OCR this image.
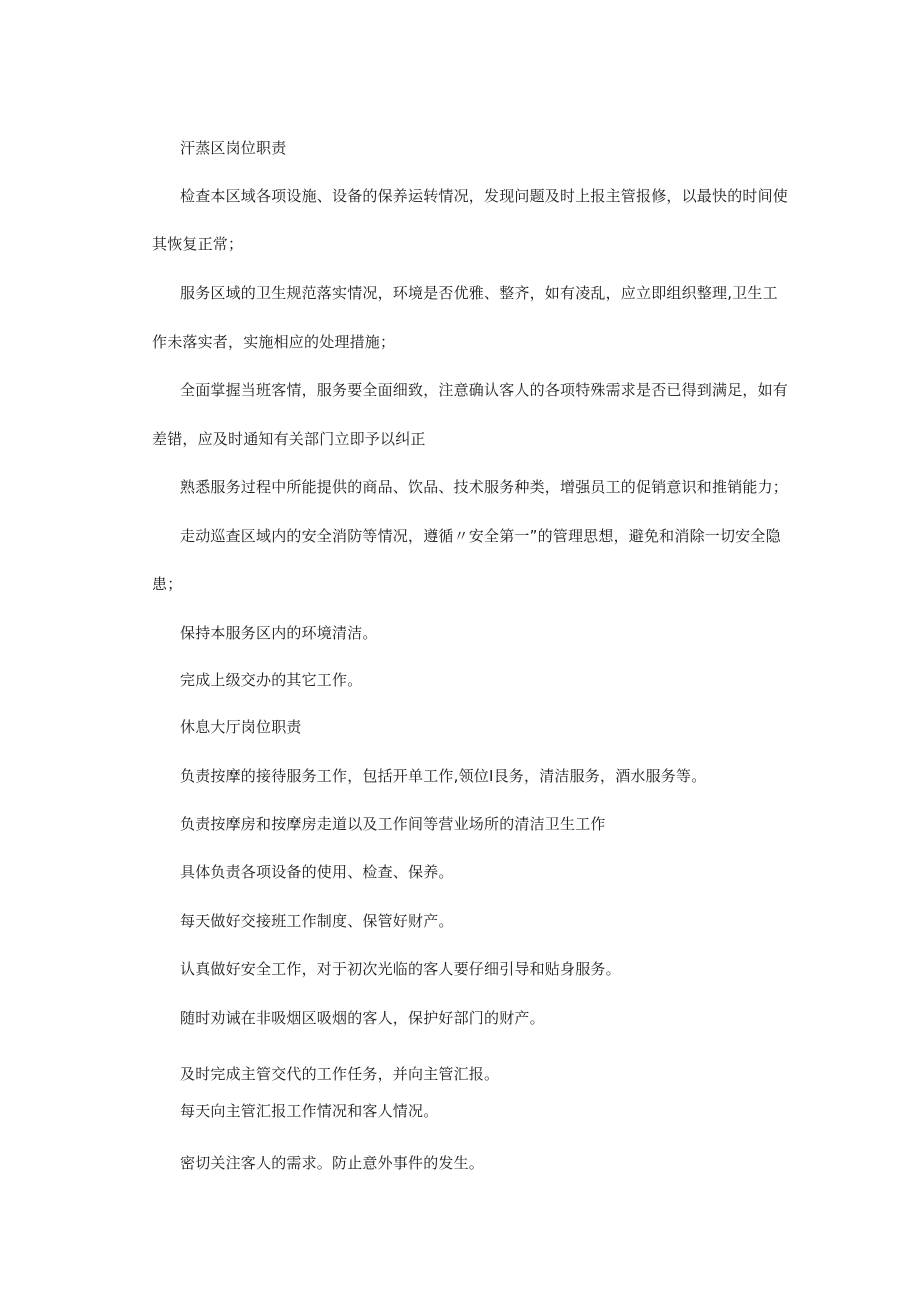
汗蒸区岗位职责

检查本区域各项设施、设备的保养运转情况，发现问题及时上报主管报修，以最快的时间使

其恢复正常；

服务区域的卫生规范落实情况，环境是否优雅、整齐，如有凌乱，应立即组织整理,卫生工

作未落实者，实施相应的处理措施；

全面掌握当班客情，服务要全面细致，注意确认客人的各项特殊需求是否已得到满足，如有

差错，应及时通知有关部门立即予以纠正

熟悉服务过程中所能提供的商品、饮品、技术服务种类，增强员工的促销意识和推销能力；

走动巡查区域内的安全消防等情况，遵循〃安全第一”的管理思想，避免和消除一切安全隐

患；

保持本服务区内的环境清洁。

完成上级交办的其它工作。

休息大厅岗位职责

负责按摩的接待服务工作，包括开单工作,领位I艮务，清洁服务，酒水服务等。

负责按摩房和按摩房走道以及工作间等营业场所的清洁卫生工作

具体负责各项设备的使用、检查、保养。

每天做好交接班工作制度、保管好财产。

认真做好安全工作，对于初次光临的客人要仔细引导和贴身服务。

随时劝诫在非吸烟区吸烟的客人，保护好部门的财产。

及时完成主管交代的工作任务，并向主管汇报。

每天向主管汇报工作情况和客人情况。

密切关注客人的需求。防止意外事件的发生。
